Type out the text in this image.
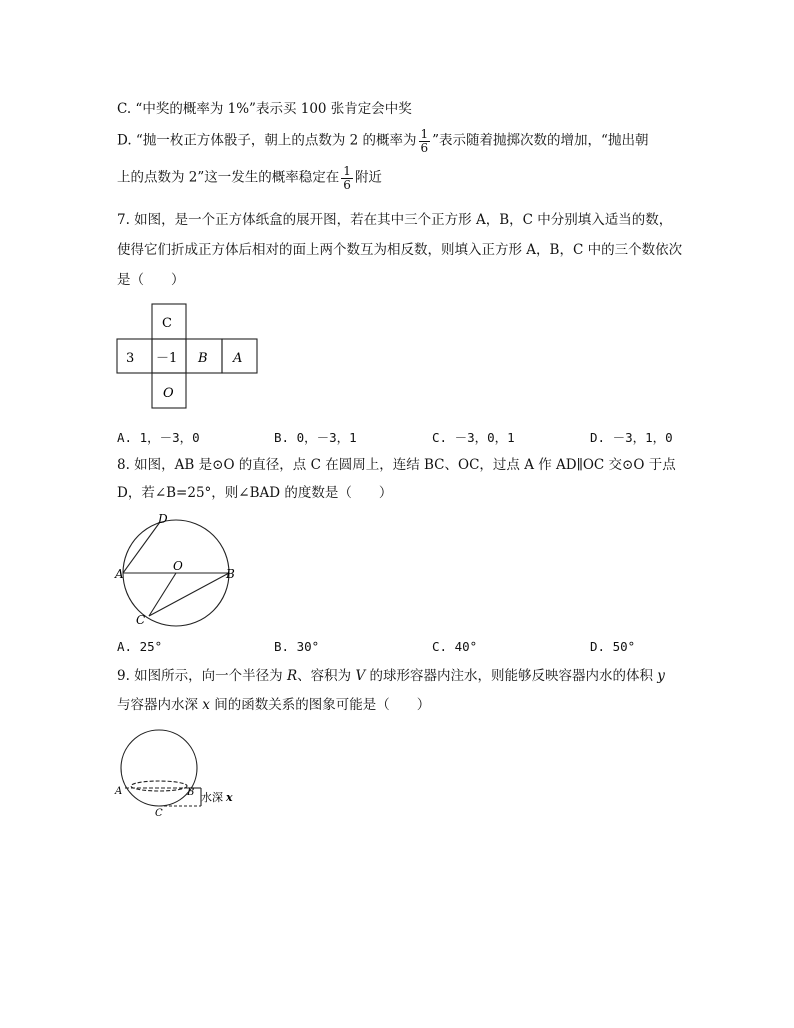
C. “中奖的概率为 1%”表示买 100 张肯定会中奖
D. “抛一枚正方体骰子，朝上的点数为 2 的概率为 $\frac{1}{6}$ ”表示随着抛掷次数的增加，“抛出朝
上的点数为 2”这一发生的概率稳定在 $\frac{1}{6}$ 附近
7. 如图，是一个正方体纸盒的展开图，若在其中三个正方形 A，B，C 中分别填入适当的数，
使得它们折成正方体后相对的面上两个数互为相反数，则填入正方形 A，B，C 中的三个数依次
是（　　）
C
3 －1 B A
O
A. 1，－3，0	B. 0，－3，1	C. －3，0，1	D. －3，1，0
8. 如图，AB 是⊙O 的直径，点 C 在圆周上，连结 BC、OC，过点 A 作 AD∥OC 交⊙O 于点
D，若∠B=25°，则∠BAD 的度数是（　　）
D
A
O
B
C
A. 25°	B. 30°	C. 40°	D. 50°
9. 如图所示，向一个半径为 R、容积为 V 的球形容器内注水，则能够反映容器内水的体积 y
与容器内水深 x 间的函数关系的图象可能是（　　）
A	B
C
水深 x
